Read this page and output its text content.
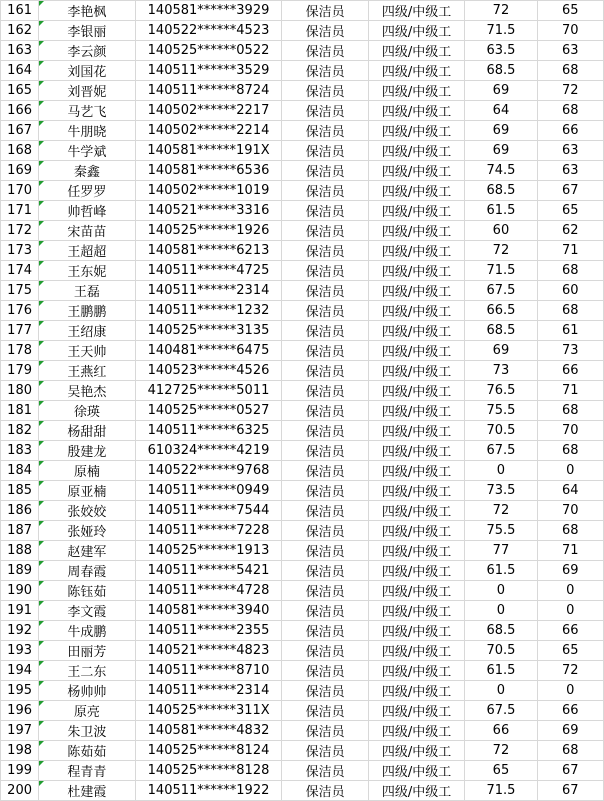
161	李艳枫	140581******3929	保洁员	四级/中级工	72	65
162	李银丽	140522******4523	保洁员	四级/中级工	71.5	70
163	李云颜	140525******0522	保洁员	四级/中级工	63.5	63
164	刘国花	140511******3529	保洁员	四级/中级工	68.5	68
165	刘晋妮	140511******8724	保洁员	四级/中级工	69	72
166	马艺飞	140502******2217	保洁员	四级/中级工	64	68
167	牛朋晓	140502******2214	保洁员	四级/中级工	69	66
168	牛学斌	140581******191X	保洁员	四级/中级工	69	63
169	秦鑫	140581******6536	保洁员	四级/中级工	74.5	63
170	任罗罗	140502******1019	保洁员	四级/中级工	68.5	67
171	帅哲峰	140521******3316	保洁员	四级/中级工	61.5	65
172	宋苗苗	140525******1926	保洁员	四级/中级工	60	62
173	王超超	140581******6213	保洁员	四级/中级工	72	71
174	王东妮	140511******4725	保洁员	四级/中级工	71.5	68
175	王磊	140511******2314	保洁员	四级/中级工	67.5	60
176	王鹏鹏	140511******1232	保洁员	四级/中级工	66.5	68
177	王绍康	140525******3135	保洁员	四级/中级工	68.5	61
178	王天帅	140481******6475	保洁员	四级/中级工	69	73
179	王燕红	140523******4526	保洁员	四级/中级工	73	66
180	吴艳杰	412725******5011	保洁员	四级/中级工	76.5	71
181	徐瑛	140525******0527	保洁员	四级/中级工	75.5	68
182	杨甜甜	140511******6325	保洁员	四级/中级工	70.5	70
183	殷建龙	610324******4219	保洁员	四级/中级工	67.5	68
184	原楠	140522******9768	保洁员	四级/中级工	0	0
185	原亚楠	140511******0949	保洁员	四级/中级工	73.5	64
186	张姣姣	140511******7544	保洁员	四级/中级工	72	70
187	张娅玲	140511******7228	保洁员	四级/中级工	75.5	68
188	赵建军	140525******1913	保洁员	四级/中级工	77	71
189	周春霞	140511******5421	保洁员	四级/中级工	61.5	69
190	陈钰茹	140511******4728	保洁员	四级/中级工	0	0
191	李文霞	140581******3940	保洁员	四级/中级工	0	0
192	牛成鹏	140511******2355	保洁员	四级/中级工	68.5	66
193	田丽芳	140521******4823	保洁员	四级/中级工	70.5	65
194	王二东	140511******8710	保洁员	四级/中级工	61.5	72
195	杨帅帅	140511******2314	保洁员	四级/中级工	0	0
196	原亮	140525******311X	保洁员	四级/中级工	67.5	66
197	朱卫波	140581******4832	保洁员	四级/中级工	66	69
198	陈茹茹	140525******8124	保洁员	四级/中级工	72	68
199	程青青	140525******8128	保洁员	四级/中级工	65	67
200	杜建霞	140511******1922	保洁员	四级/中级工	71.5	67
